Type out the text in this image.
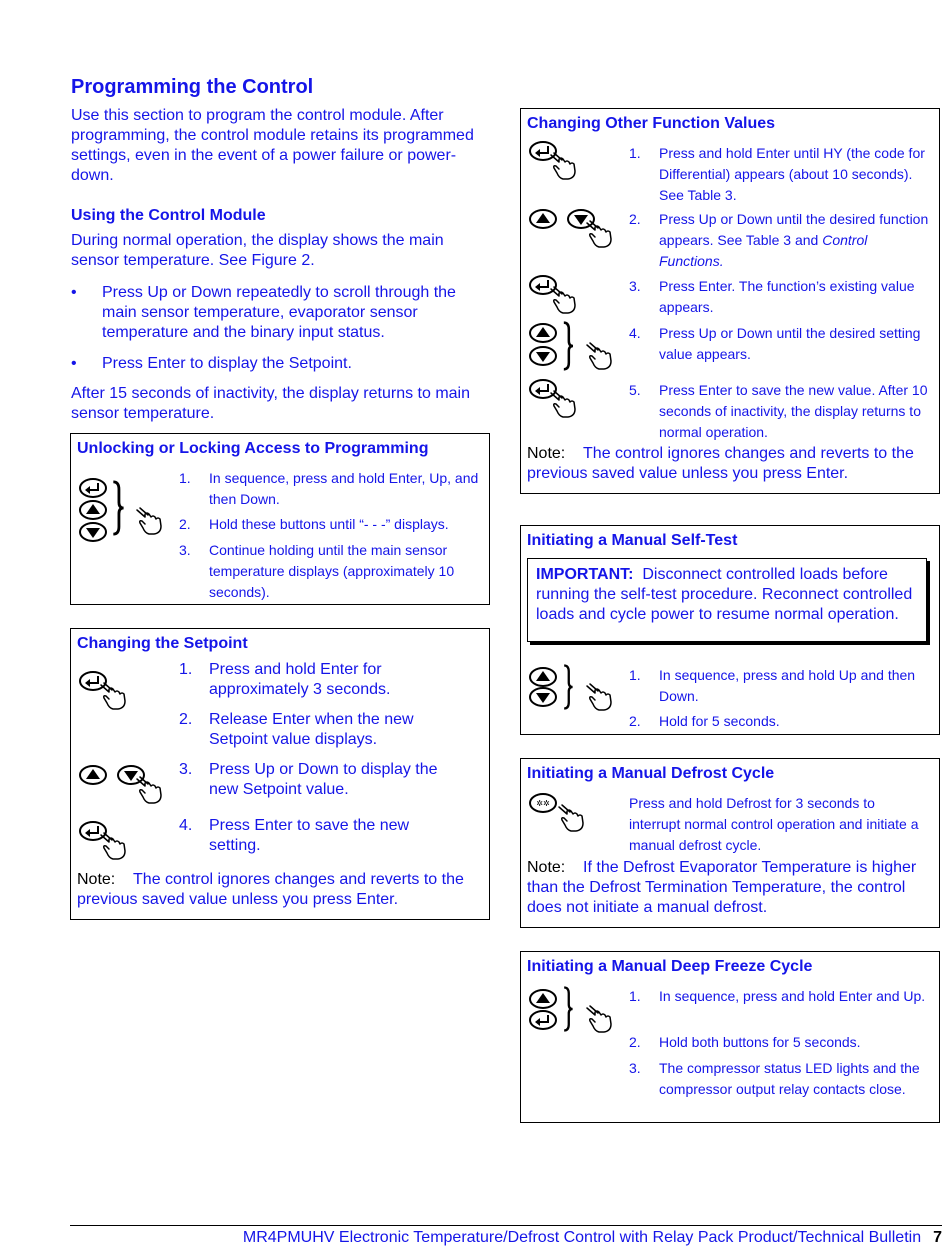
Programming the Control

Use this section to program the control module. After programming, the control module retains its programmed settings, even in the event of a power failure or power-down.

Using the Control Module

During normal operation, the display shows the main sensor temperature. See Figure 2.

•	Press Up or Down repeatedly to scroll through the main sensor temperature, evaporator sensor temperature and the binary input status.
•	Press Enter to display the Setpoint.

After 15 seconds of inactivity, the display returns to main sensor temperature.

Unlocking or Locking Access to Programming
1.	In sequence, press and hold Enter, Up, and then Down.
2.	Hold these buttons until “- - -” displays.
3.	Continue holding until the main sensor temperature displays (approximately 10 seconds).
Changing the Setpoint
1.	Press and hold Enter for approximately 3 seconds.
2.	Release Enter when the new Setpoint value displays.
3.	Press Up or Down to display the new Setpoint value.
4.	Press Enter to save the new setting.
Note: The control ignores changes and reverts to the previous saved value unless you press Enter.
Changing Other Function Values
1.	Press and hold Enter until HY (the code for Differential) appears (about 10 seconds). See Table 3.
2.	Press Up or Down until the desired function appears. See Table 3 and Control Functions.
3.	Press Enter. The function’s existing value appears.
4.	Press Up or Down until the desired setting value appears.
5.	Press Enter to save the new value. After 10 seconds of inactivity, the display returns to normal operation.
Note: The control ignores changes and reverts to the previous saved value unless you press Enter.
Initiating a Manual Self-Test
IMPORTANT: Disconnect controlled loads before running the self-test procedure. Reconnect controlled loads and cycle power to resume normal operation.
1.	In sequence, press and hold Up and then Down.
2.	Hold for 5 seconds.
Initiating a Manual Defrost Cycle
Press and hold Defrost for 3 seconds to interrupt normal control operation and initiate a manual defrost cycle.
Note: If the Defrost Evaporator Temperature is higher than the Defrost Termination Temperature, the control does not initiate a manual defrost.
Initiating a Manual Deep Freeze Cycle
1.	In sequence, press and hold Enter and Up.
2.	Hold both buttons for 5 seconds.
3.	The compressor status LED lights and the compressor output relay contacts close.
MR4PMUHV Electronic Temperature/Defrost Control with Relay Pack Product/Technical Bulletin 7
